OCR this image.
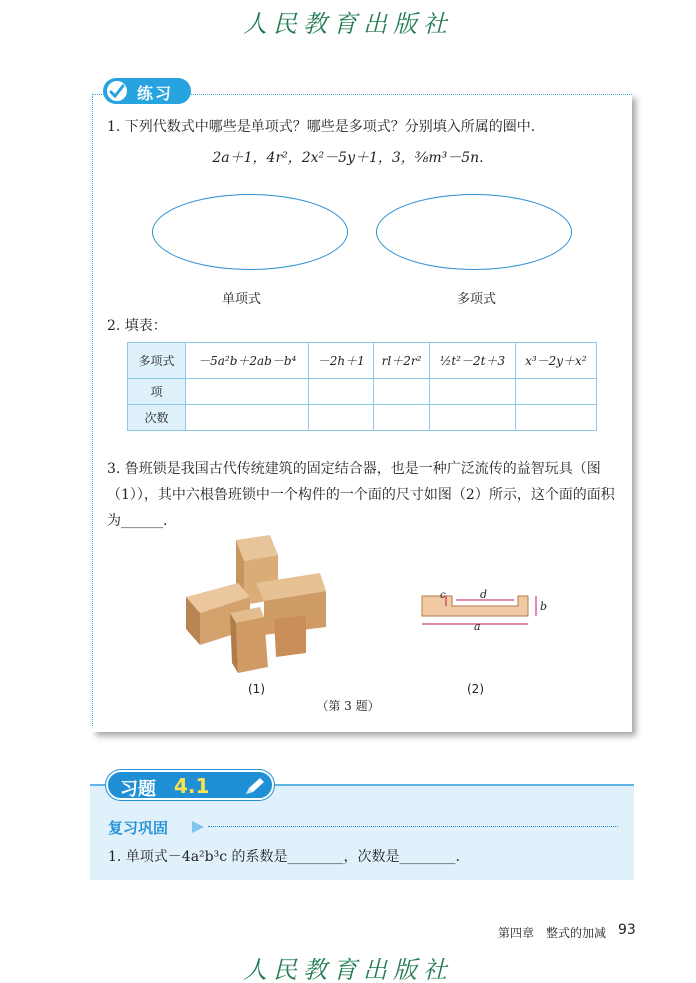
人民教育出版社
练习
1. 下列代数式中哪些是单项式？哪些是多项式？分别填入所属的圈中.
2a＋1，4r²，2x²－5y＋1，3，³⁄₈m³－5n.
单项式	多项式
2. 填表：
多项式	－5a²b＋2ab－b⁴	－2h＋1	rl＋2r²	½t²－2t＋3	x³－2y＋x²
项					
次数					
3. 鲁班锁是我国古代传统建筑的固定结合器，也是一种广泛流传的益智玩具（图（1）），其中六根鲁班锁中一个构件的一个面的尺寸如图（2）所示，这个面的面积为______.
c	d
b
a
(1)	(2)
（第 3 题）
习题 4.1
复习巩固
1. 单项式－4a²b³c 的系数是________，次数是________.
第四章　整式的加减 93
人民教育出版社
